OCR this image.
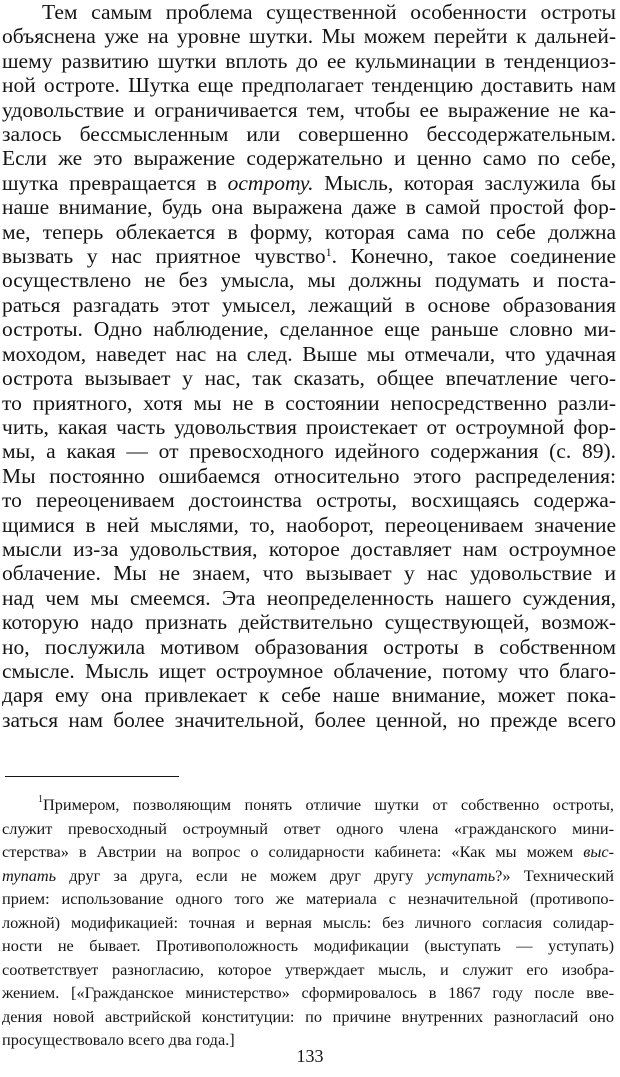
Тем самым проблема существенной особенности остроты
объяснена уже на уровне шутки. Мы можем перейти к дальней-
шему развитию шутки вплоть до ее кульминации в тенденциоз-
ной остроте. Шутка еще предполагает тенденцию доставить нам
удовольствие и ограничивается тем, чтобы ее выражение не ка-
залось бессмысленным или совершенно бессодержательным.
Если же это выражение содержательно и ценно само по себе,
шутка превращается в остроту. Мысль, которая заслужила бы
наше внимание, будь она выражена даже в самой простой фор-
ме, теперь облекается в форму, которая сама по себе должна
вызвать у нас приятное чувство$^1$. Конечно, такое соединение
осуществлено не без умысла, мы должны подумать и поста-
раться разгадать этот умысел, лежащий в основе образования
остроты. Одно наблюдение, сделанное еще раньше словно ми-
моходом, наведет нас на след. Выше мы отмечали, что удачная
острота вызывает у нас, так сказать, общее впечатление чего-
то приятного, хотя мы не в состоянии непосредственно разли-
чить, какая часть удовольствия проистекает от остроумной фор-
мы, а какая — от превосходного идейного содержания (с. 89).
Мы постоянно ошибаемся относительно этого распределения:
то переоцениваем достоинства остроты, восхищаясь содержа-
щимися в ней мыслями, то, наоборот, переоцениваем значение
мысли из-за удовольствия, которое доставляет нам остроумное
облачение. Мы не знаем, что вызывает у нас удовольствие и
над чем мы смеемся. Эта неопределенность нашего суждения,
которую надо признать действительно существующей, возмож-
но, послужила мотивом образования остроты в собственном
смысле. Мысль ищет остроумное облачение, потому что благо-
даря ему она привлекает к себе наше внимание, может пока-
заться нам более значительной, более ценной, но прежде всего
$^1$Примером, позволяющим понять отличие шутки от собственно остроты,
служит превосходный остроумный ответ одного члена «гражданского мини-
стерства» в Австрии на вопрос о солидарности кабинета: «Как мы можем выс-
тупать друг за друга, если не можем друг другу уступать?» Технический
прием: использование одного того же материала с незначительной (противопо-
ложной) модификацией: точная и верная мысль: без личного согласия солидар-
ности не бывает. Противоположность модификации (выступать — уступать)
соответствует разногласию, которое утверждает мысль, и служит его изобра-
жением. [«Гражданское министерство» сформировалось в 1867 году после вве-
дения новой австрийской конституции: по причине внутренних разногласий оно
просуществовало всего два года.]
133
